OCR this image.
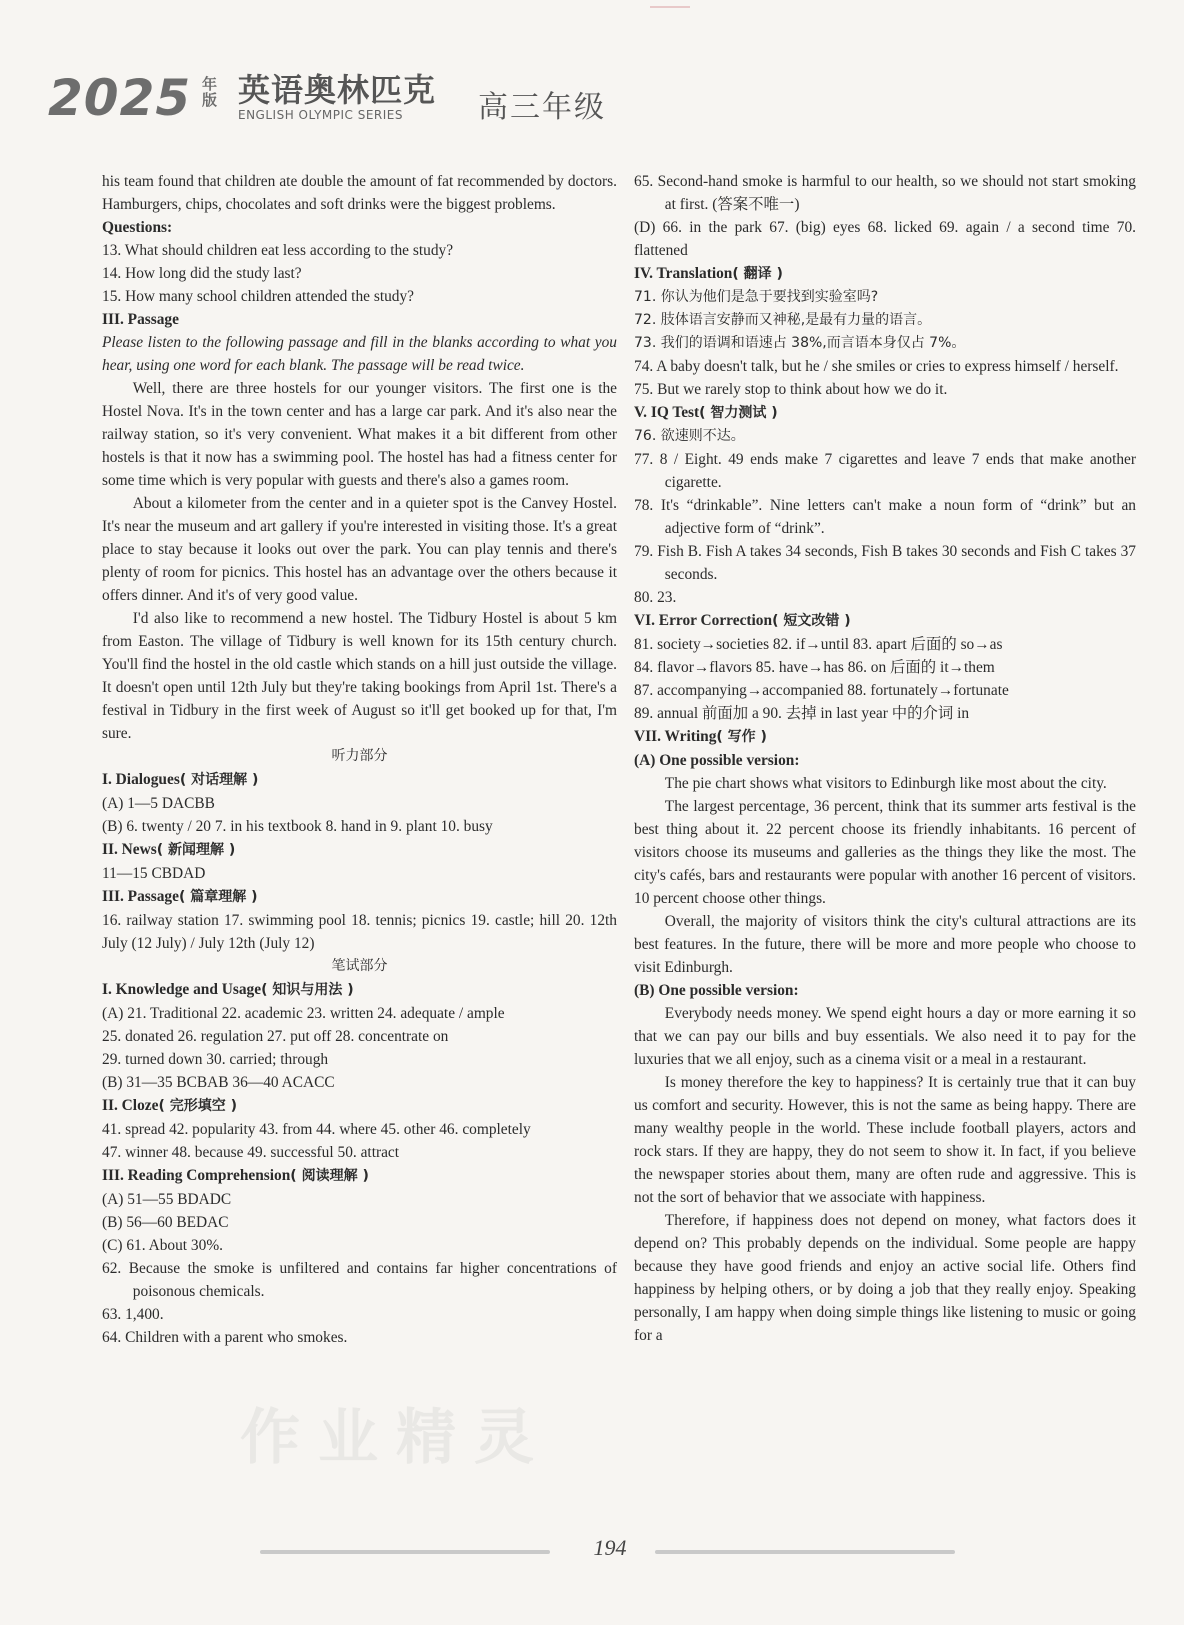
2025 年版 英语奥林匹克
ENGLISH OLYMPIC SERIES 高三年级

his team found that children ate double the amount of fat recommended by doctors. Hamburgers, chips, chocolates and soft drinks were the biggest problems.

Questions:

13. What should children eat less according to the study?

14. How long did the study last?

15. How many school children attended the study?

III. Passage

Please listen to the following passage and fill in the blanks according to what you hear, using one word for each blank. The passage will be read twice.

Well, there are three hostels for our younger visitors. The first one is the Hostel Nova. It's in the town center and has a large car park. And it's also near the railway station, so it's very convenient. What makes it a bit different from other hostels is that it now has a swimming pool. The hostel has had a fitness center for some time which is very popular with guests and there's also a games room.

About a kilometer from the center and in a quieter spot is the Canvey Hostel. It's near the museum and art gallery if you're interested in visiting those. It's a great place to stay because it looks out over the park. You can play tennis and there's plenty of room for picnics. This hostel has an advantage over the others because it offers dinner. And it's of very good value.

I'd also like to recommend a new hostel. The Tidbury Hostel is about 5 km from Easton. The village of Tidbury is well known for its 15th century church. You'll find the hostel in the old castle which stands on a hill just outside the village. It doesn't open until 12th July but they're taking bookings from April 1st. There's a festival in Tidbury in the first week of August so it'll get booked up for that, I'm sure.

听力部分

I. Dialogues( 对话理解 )

(A) 1—5 DACBB

(B) 6. twenty / 20 7. in his textbook 8. hand in 9. plant 10. busy

II. News( 新闻理解 )

11—15 CBDAD

III. Passage( 篇章理解 )

16. railway station 17. swimming pool 18. tennis; picnics 19. castle; hill 20. 12th July (12 July) / July 12th (July 12)

笔试部分

I. Knowledge and Usage( 知识与用法 )

(A) 21. Traditional 22. academic 23. written 24. adequate / ample

25. donated 26. regulation 27. put off 28. concentrate on

29. turned down 30. carried; through

(B) 31—35 BCBAB 36—40 ACACC

II. Cloze( 完形填空 )

41. spread 42. popularity 43. from 44. where 45. other 46. completely

47. winner 48. because 49. successful 50. attract

III. Reading Comprehension( 阅读理解 )

(A) 51—55 BDADC

(B) 56—60 BEDAC

(C) 61. About 30%.

62. Because the smoke is unfiltered and contains far higher concentrations of poisonous chemicals.

63. 1,400.

64. Children with a parent who smokes.

65. Second-hand smoke is harmful to our health, so we should not start smoking at first. (答案不唯一)

(D) 66. in the park 67. (big) eyes 68. licked 69. again / a second time 70. flattened

IV. Translation( 翻译 )

71. 你认为他们是急于要找到实验室吗?

72. 肢体语言安静而又神秘,是最有力量的语言。

73. 我们的语调和语速占 38%,而言语本身仅占 7%。

74. A baby doesn't talk, but he / she smiles or cries to express himself / herself.

75. But we rarely stop to think about how we do it.

V. IQ Test( 智力测试 )

76. 欲速则不达。

77. 8 / Eight. 49 ends make 7 cigarettes and leave 7 ends that make another cigarette.

78. It's “drinkable”. Nine letters can't make a noun form of “drink” but an adjective form of “drink”.

79. Fish B. Fish A takes 34 seconds, Fish B takes 30 seconds and Fish C takes 37 seconds.

80. 23.

VI. Error Correction( 短文改错 )

81. society→societies 82. if→until 83. apart 后面的 so→as

84. flavor→flavors 85. have→has 86. on 后面的 it→them

87. accompanying→accompanied 88. fortunately→fortunate

89. annual 前面加 a 90. 去掉 in last year 中的介词 in

VII. Writing( 写作 )

(A) One possible version:

The pie chart shows what visitors to Edinburgh like most about the city.

The largest percentage, 36 percent, think that its summer arts festival is the best thing about it. 22 percent choose its friendly inhabitants. 16 percent of visitors choose its museums and galleries as the things they like the most. The city's cafés, bars and restaurants were popular with another 16 percent of visitors. 10 percent choose other things.

Overall, the majority of visitors think the city's cultural attractions are its best features. In the future, there will be more and more people who choose to visit Edinburgh.

(B) One possible version:

Everybody needs money. We spend eight hours a day or more earning it so that we can pay our bills and buy essentials. We also need it to pay for the luxuries that we all enjoy, such as a cinema visit or a meal in a restaurant.

Is money therefore the key to happiness? It is certainly true that it can buy us comfort and security. However, this is not the same as being happy. There are many wealthy people in the world. These include football players, actors and rock stars. If they are happy, they do not seem to show it. In fact, if you believe the newspaper stories about them, many are often rude and aggressive. This is not the sort of behavior that we associate with happiness.

Therefore, if happiness does not depend on money, what factors does it depend on? This probably depends on the individual. Some people are happy because they have good friends and enjoy an active social life. Others find happiness by helping others, or by doing a job that they really enjoy. Speaking personally, I am happy when doing simple things like listening to music or going for a

作业精灵
194
